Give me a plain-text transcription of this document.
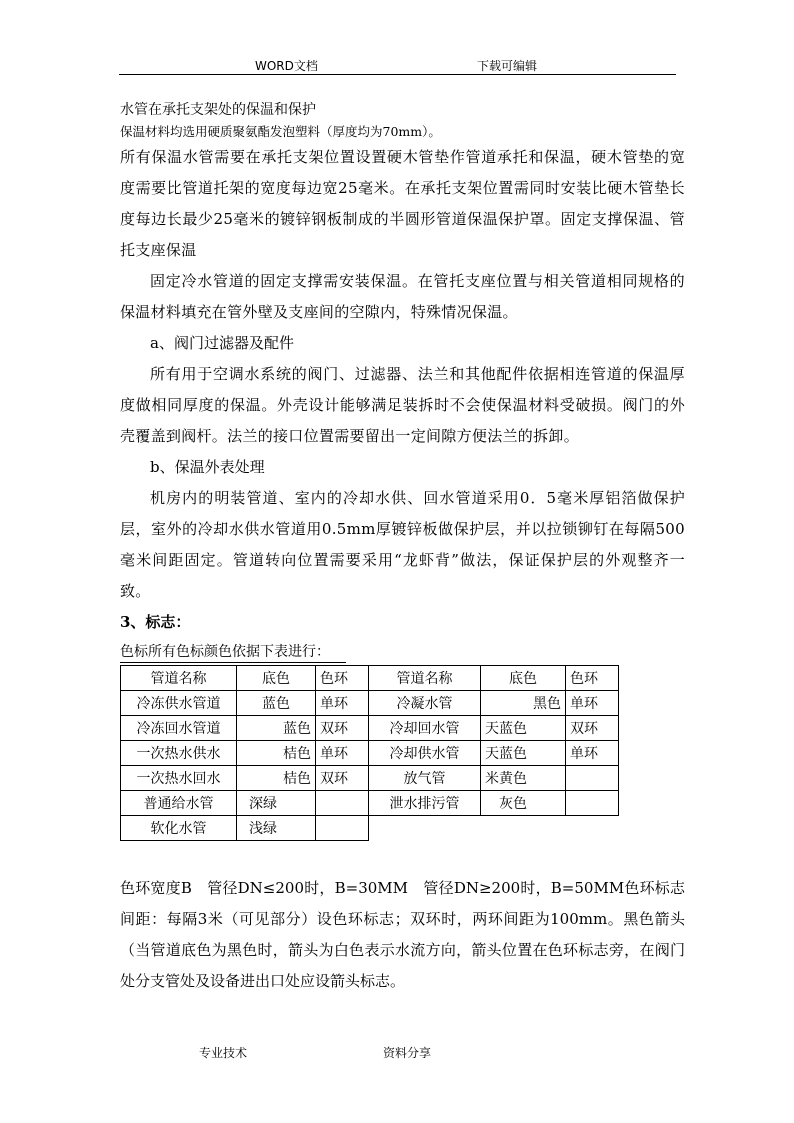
WORD文档	下载可编辑

水管在承托支架处的保温和保护

保温材料均选用硬质聚氨酯发泡塑料（厚度均为70mm）。

所有保温水管需要在承托支架位置设置硬木管垫作管道承托和保温，硬木管垫的宽度需要比管道托架的宽度每边宽25毫米。在承托支架位置需同时安装比硬木管垫长度每边长最少25毫米的镀锌钢板制成的半圆形管道保温保护罩。固定支撑保温、管托支座保温

固定冷水管道的固定支撑需安装保温。在管托支座位置与相关管道相同规格的保温材料填充在管外壁及支座间的空隙内，特殊情况保温。

a、阀门过滤器及配件

所有用于空调水系统的阀门、过滤器、法兰和其他配件依据相连管道的保温厚度做相同厚度的保温。外壳设计能够满足装拆时不会使保温材料受破损。阀门的外壳覆盖到阀杆。法兰的接口位置需要留出一定间隙方便法兰的拆卸。

b、保温外表处理

机房内的明装管道、室内的冷却水供、回水管道采用0．5毫米厚铝箔做保护层，室外的冷却水供水管道用0.5mm厚镀锌板做保护层，并以拉锁铆钉在每隔500毫米间距固定。管道转向位置需要采用“龙虾背”做法，保证保护层的外观整齐一致。

3、标志：

色标所有色标颜色依据下表进行：
管道名称	底色	色环	管道名称	底色	色环
冷冻供水管道	蓝色	单环	冷凝水管	黑色	单环
冷冻回水管道	蓝色	双环	冷却回水管	天蓝色	双环
一次热水供水	桔色	单环	冷却供水管	天蓝色	单环
一次热水回水	桔色	双环	放气管	米黄色	
普通给水管	深绿		泄水排污管	灰色	
软化水管	浅绿				

色环宽度B　管径DN≤200时，B=30MM　管径DN≥200时，B=50MM色环标志间距：每隔3米（可见部分）设色环标志；双环时，两环间距为100mm。黑色箭头（当管道底色为黑色时，箭头为白色表示水流方向，箭头位置在色环标志旁，在阀门处分支管处及设备进出口处应设箭头标志。

专业技术	资料分享
